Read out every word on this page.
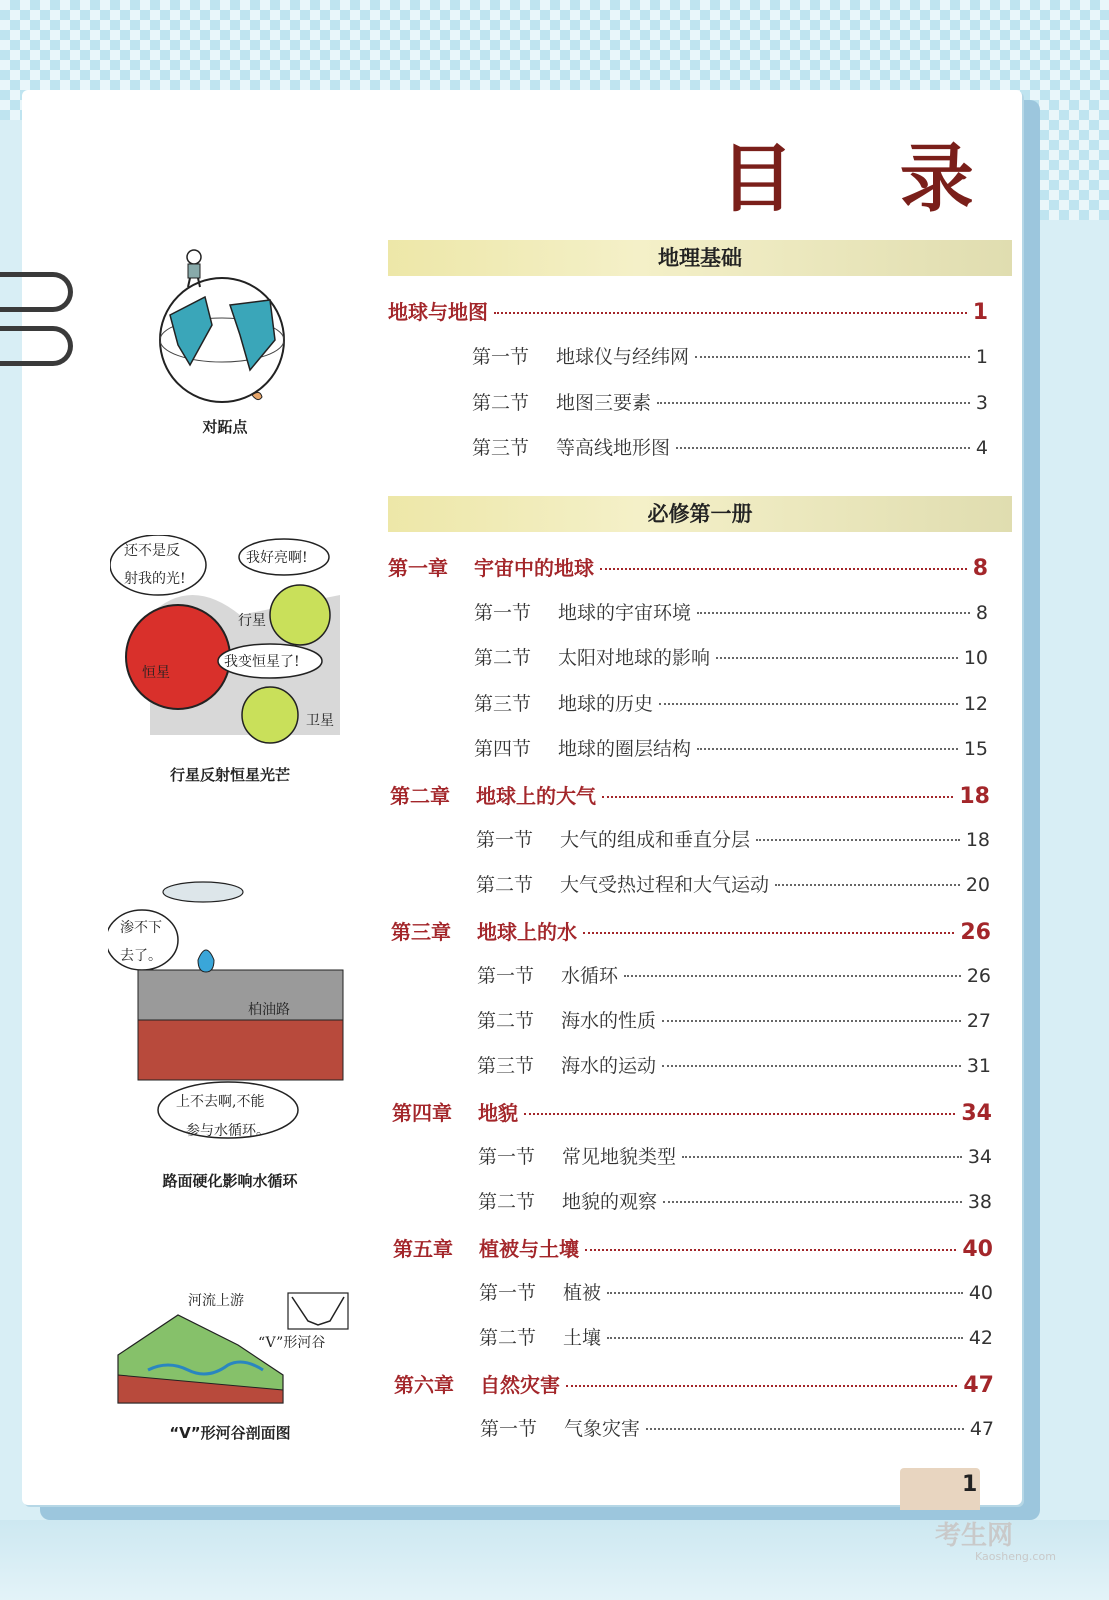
目 录
地理基础
地球与地图	1
第一节	地球仪与经纬网	1
第二节	地图三要素	3
第三节	等高线地形图	4
必修第一册
第一章	宇宙中的地球	8
第一节	地球的宇宙环境	8
第二节	太阳对地球的影响	10
第三节	地球的历史	12
第四节	地球的圈层结构	15
第二章	地球上的大气	18
第一节	大气的组成和垂直分层	18
第二节	大气受热过程和大气运动	20
第三章	地球上的水	26
第一节	水循环	26
第二节	海水的性质	27
第三节	海水的运动	31
第四章	地貌	34
第一节	常见地貌类型	34
第二节	地貌的观察	38
第五章	植被与土壤	40
第一节	植被	40
第二节	土壤	42
第六章	自然灾害	47
第一节	气象灾害	47
对跖点
还不是反
射我的光!
我好亮啊!
恒星
行星
我变恒星了!
卫星
行星反射恒星光芒
渗不下
去了。
柏油路
上不去啊,不能
参与水循环。
路面硬化影响水循环
河流上游
“V”形河谷
“V”形河谷剖面图
1
考生网
Kaosheng.com
